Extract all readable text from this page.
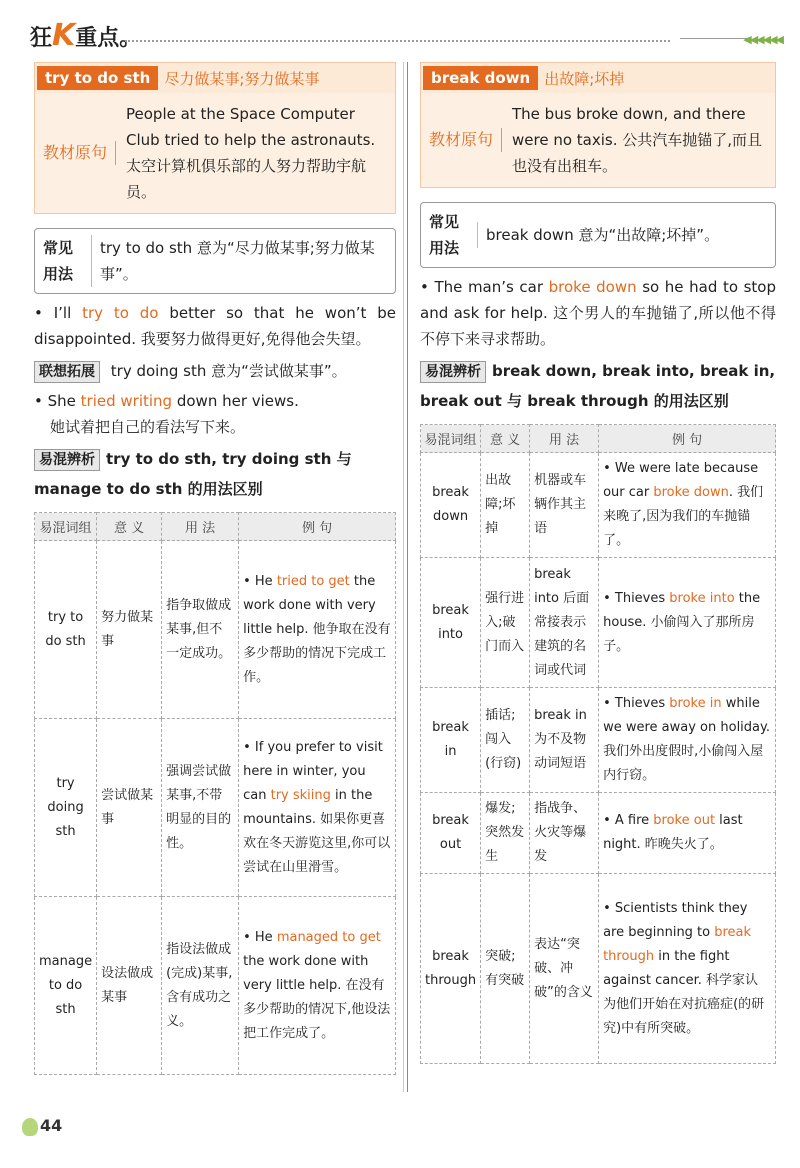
狂K重点。	◀◀◀◀◀◀
try to do sth 尽力做某事;努力做某事
教材原句
People at the Space Computer Club tried to help the astronauts. 太空计算机俱乐部的人努力帮助宇航员。
常见用法
try to do sth 意为“尽力做某事;努力做某事”。
• I’ll try to do better so that he won’t be disappointed. 我要努力做得更好,免得他会失望。
联想拓展 try doing sth 意为“尝试做某事”。
• She tried writing down her views.
她试着把自己的看法写下来。
易混辨析 try to do sth, try doing sth 与 manage to do sth 的用法区别
易混词组	意 义	用 法	例 句
try to do sth	努力做某事	指争取做成某事,但不一定成功。	• He tried to get the work done with very little help. 他争取在没有多少帮助的情况下完成工作。
try doing sth	尝试做某事	强调尝试做某事,不带明显的目的性。	• If you prefer to visit here in winter, you can try skiing in the mountains. 如果你更喜欢在冬天游览这里,你可以尝试在山里滑雪。
manage to do sth	设法做成某事	指设法做成(完成)某事,含有成功之义。	• He managed to get the work done with very little help. 在没有多少帮助的情况下,他设法把工作完成了。
break down 出故障;坏掉
教材原句
The bus broke down, and there were no taxis. 公共汽车抛锚了,而且也没有出租车。
常见用法
break down 意为“出故障;坏掉”。
• The man’s car broke down so he had to stop and ask for help. 这个男人的车抛锚了,所以他不得不停下来寻求帮助。
易混辨析 break down, break into, break in, break out 与 break through 的用法区别
易混词组	意 义	用 法	例 句
break down	出故障;坏掉	机器或车辆作其主语	• We were late because our car broke down. 我们来晚了,因为我们的车抛锚了。
break into	强行进入;破门而入	break into 后面常接表示建筑的名词或代词	• Thieves broke into the house. 小偷闯入了那所房子。
break in	插话;闯入(行窃)	break in 为不及物动词短语	• Thieves broke in while we were away on holiday. 我们外出度假时,小偷闯入屋内行窃。
break out	爆发;突然发生	指战争、火灾等爆发	• A fire broke out last night. 昨晚失火了。
break through	突破;有突破	表达“突破、冲破”的含义	• Scientists think they are beginning to break through in the fight against cancer. 科学家认为他们开始在对抗癌症(的研究)中有所突破。
44
